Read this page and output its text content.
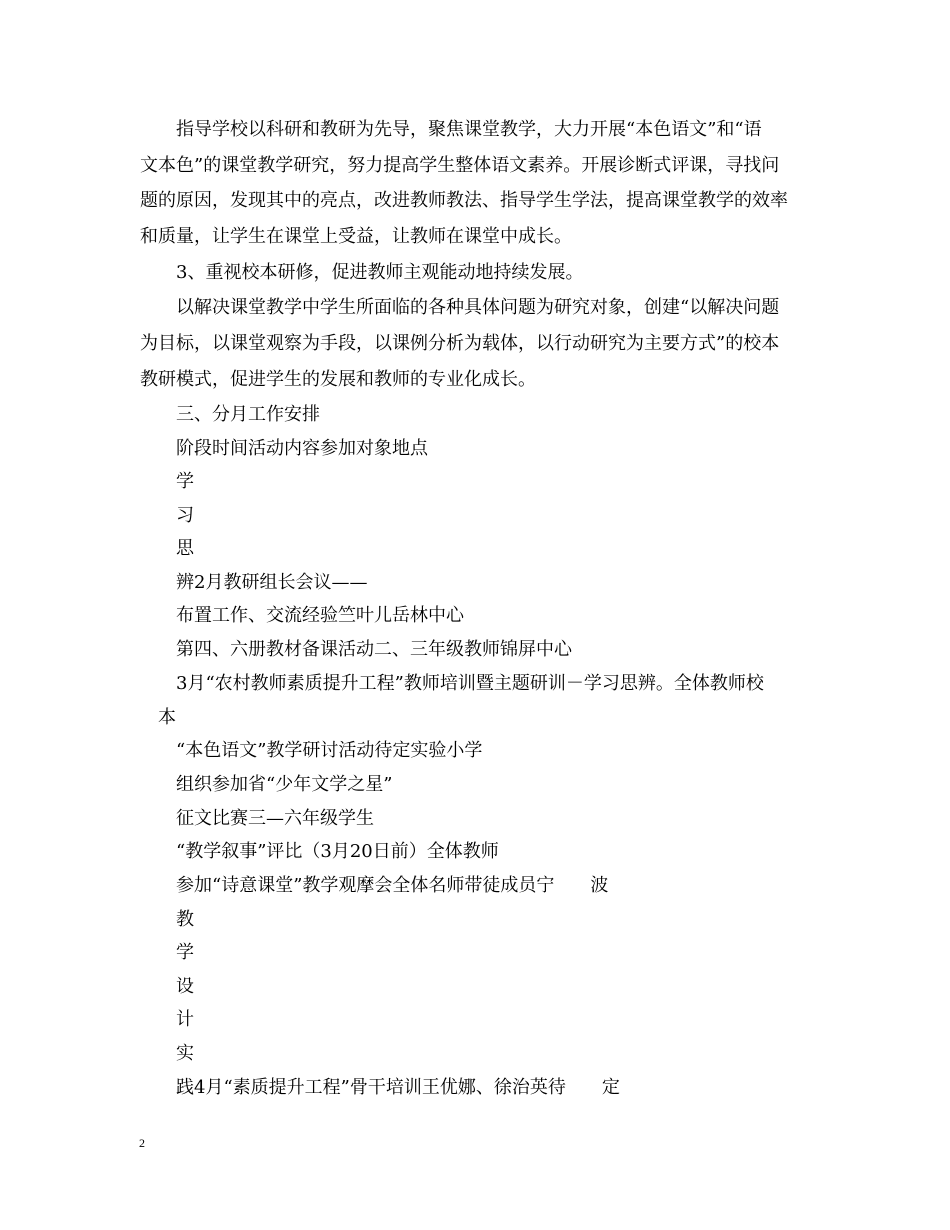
指导学校以科研和教研为先导，聚焦课堂教学，大力开展“本色语文”和“语
文本色”的课堂教学研究，努力提高学生整体语文素养。开展诊断式评课，寻找问
题的原因，发现其中的亮点，改进教师教法、指导学生学法，提高课堂教学的效率
和质量，让学生在课堂上受益，让教师在课堂中成长。
3、重视校本研修，促进教师主观能动地持续发展。
以解决课堂教学中学生所面临的各种具体问题为研究对象，创建“以解决问题
为目标，以课堂观察为手段，以课例分析为载体，以行动研究为主要方式”的校本
教研模式，促进学生的发展和教师的专业化成长。
三、分月工作安排
阶段时间活动内容参加对象地点
学
习
思
辨2月教研组长会议——
布置工作、交流经验竺叶儿岳林中心
第四、六册教材备课活动二、三年级教师锦屏中心
3月“农村教师素质提升工程”教师培训暨主题研训－学习思辨。全体教师校
本
“本色语文”教学研讨活动待定实验小学
组织参加省“少年文学之星”
征文比赛三—六年级学生
“教学叙事”评比（3月20日前）全体教师
参加“诗意课堂”教学观摩会全体名师带徒成员宁　　波
教
学
设
计
实
践4月“素质提升工程”骨干培训王优娜、徐治英待　　定
2
